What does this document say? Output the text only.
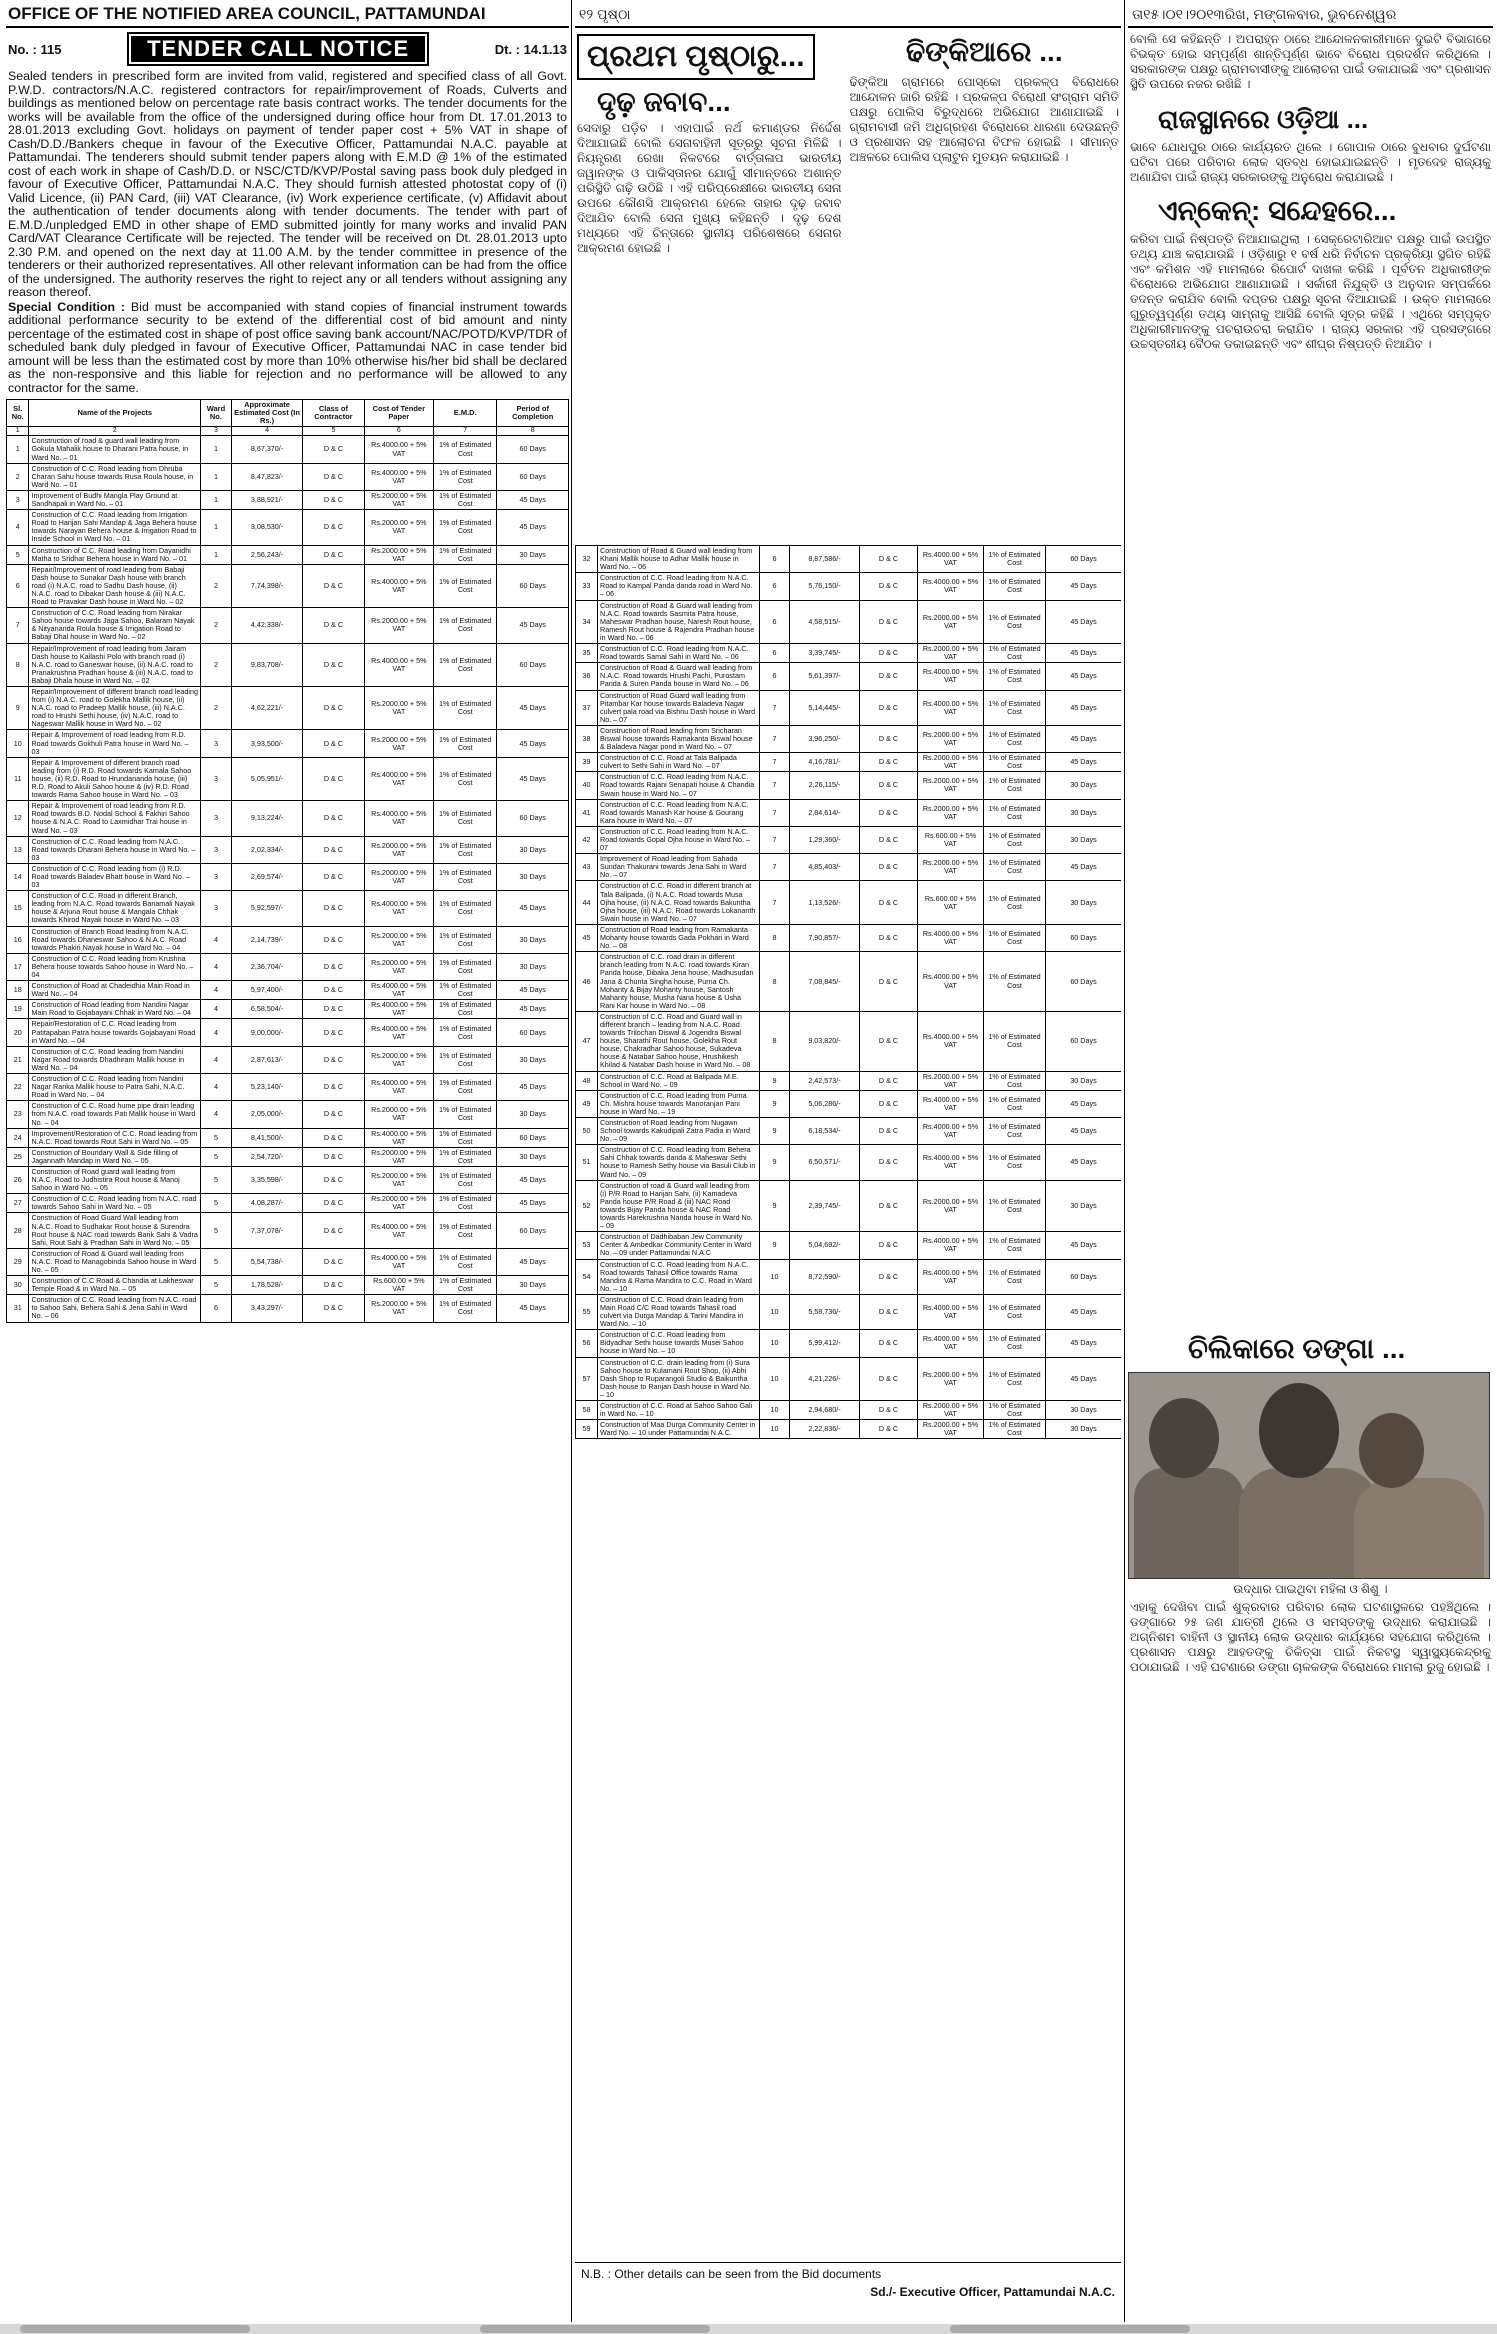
OFFICE OF THE NOTIFIED AREA COUNCIL, PATTAMUNDAI
No. : 115	TENDER CALL NOTICE	Dt. : 14.1.13
Sealed tenders in prescribed form are invited from valid, registered and specified class of all Govt. P.W.D. contractors/N.A.C. registered contractors for repair/improvement of Roads, Culverts and buildings as mentioned below on percentage rate basis contract works. The tender documents for the works will be available from the office of the undersigned during office hour from Dt. 17.01.2013 to 28.01.2013 excluding Govt. holidays on payment of tender paper cost + 5% VAT in shape of Cash/D.D./Bankers cheque in favour of the Executive Officer, Pattamundai N.A.C. payable at Pattamundai. The tenderers should submit tender papers along with E.M.D @ 1% of the estimated cost of each work in shape of Cash/D.D. or NSC/CTD/KVP/Postal saving pass book duly pledged in favour of Executive Officer, Pattamundai N.A.C. They should furnish attested photostat copy of (i) Valid Licence, (ii) PAN Card, (iii) VAT Clearance, (iv) Work experience certificate, (v) Affidavit about the authentication of tender documents along with tender documents. The tender with part of E.M.D./unpledged EMD in other shape of EMD submitted jointly for many works and invalid PAN Card/VAT Clearance Certificate will be rejected. The tender will be received on Dt. 28.01.2013 upto 2.30 P.M. and opened on the next day at 11.00 A.M. by the tender committee in presence of the tenderers or their authorized representatives. All other relevant information can be had from the office of the undersigned. The authority reserves the right to reject any or all tenders without assigning any reason thereof.
Special Condition : Bid must be accompanied with stand copies of financial instrument towards additional performance security to be extend of the differential cost of bid amount and ninty percentage of the estimated cost in shape of post office saving bank account/NAC/POTD/KVP/TDR of scheduled bank duly pledged in favour of Executive Officer, Pattamundai NAC in case tender bid amount will be less than the estimated cost by more than 10% otherwise his/her bid shall be declared as the non-responsive and this liable for rejection and no performance will be allowed to any contractor for the same.
Sl. No.	Name of the Projects	Ward No.	Approximate Estimated Cost (In Rs.)	Class of Contractor	Cost of Tender Paper	E.M.D.	Period of Completion
1	2	3	4	5	6	7	8
1	Construction of road & guard wall leading from Gokula Mahalik house to Dharani Patra house, in Ward No. – 01	1	8,67,370/-	D & C	Rs.4000.00 + 5% VAT	1% of Estimated Cost	60 Days
2	Construction of C.C. Road leading from Dhruba Charan Sahu house towards Rusa Roula house, in Ward No. – 01	1	8,47,823/-	D & C	Rs.4000.00 + 5% VAT	1% of Estimated Cost	60 Days
3	Improvement of Budhi Mangla Play Ground at Sandhapali in Ward No. – 01	1	3,88,921/-	D & C	Rs.2000.00 + 5% VAT	1% of Estimated Cost	45 Days
4	Construction of C.C. Road leading from Irrigation Road to Harijan Sahi Mandap & Jaga Behera house towards Narayan Behera house & Irrigation Road to Inside School in Ward No. – 01	1	3,08,530/-	D & C	Rs.2000.00 + 5% VAT	1% of Estimated Cost	45 Days
5	Construction of C.C. Road leading from Dayanidhi Matha to Sridhar Behera house in Ward No. – 01	1	2,56,243/-	D & C	Rs.2000.00 + 5% VAT	1% of Estimated Cost	30 Days
6	Repair/Improvement of road leading from Babaji Dash house to Sunakar Dash house with branch road (i) N.A.C. road to Sadhu Dash house, (ii) N.A.C. road to Dibakar Dash house & (iii) N.A.C. Road to Pravakar Dash house in Ward No. – 02	2	7,74,398/-	D & C	Rs.4000.00 + 5% VAT	1% of Estimated Cost	60 Days
7	Construction of C.C. Road leading from Nirakar Sahoo house towards Jaga Sahoo, Balaram Nayak & Nityananda Roula house & Irrigation Road to Babaji Dhal house in Ward No. – 02	2	4,42,338/-	D & C	Rs.2000.00 + 5% VAT	1% of Estimated Cost	45 Days
8	Repair/Improvement of road leading from Jairam Dash house to Kailashi Polo with branch road (i) N.A.C. road to Ganeswar house, (ii) N.A.C. road to Pranakrushna Pradhan house & (iii) N.A.C. road to Babaji Dhala house in Ward No. – 02	2	9,83,708/-	D & C	Rs.4000.00 + 5% VAT	1% of Estimated Cost	60 Days
9	Repair/Improvement of different branch road leading from (i) N.A.C. road to Golekha Mallik house, (ii) N.A.C. road to Pradeep Mallik house, (iii) N.A.C. road to Hrushi Sethi house, (iv) N.A.C. road to Nageswar Mallik house in Ward No. – 02	2	4,62,221/-	D & C	Rs.2000.00 + 5% VAT	1% of Estimated Cost	45 Days
10	Repair & Improvement of road leading from R.D. Road towards Gokhuli Patra house in Ward No. – 03	3	3,93,500/-	D & C	Rs.2000.00 + 5% VAT	1% of Estimated Cost	45 Days
11	Repair & Improvement of different branch road leading from (i) R.D. Road towards Kamala Sahoo house, (ii) R.D. Road to Hrundananda house, (iii) R.D. Road to Akuli Sahoo house & (iv) R.D. Road towards Rama Sahoo house in Ward No. – 03	3	5,05,951/-	D & C	Rs.4000.00 + 5% VAT	1% of Estimated Cost	45 Days
12	Repair & Improvement of road leading from R.D. Road towards B.D. Nodal School & Fakhiri Sahoo house & N.A.C. Road to Laxmidhar Trai house in Ward No. – 03	3	9,13,224/-	D & C	Rs.4000.00 + 5% VAT	1% of Estimated Cost	60 Days
13	Construction of C.C. Road leading from N.A.C. Road towards Dharani Behera house in Ward No. – 03	3	2,02,334/-	D & C	Rs.2000.00 + 5% VAT	1% of Estimated Cost	30 Days
14	Construction of C.C. Road leading from (i) R.D. Road towards Baladev Bhatt house in Ward No. – 03	3	2,69,574/-	D & C	Rs.2000.00 + 5% VAT	1% of Estimated Cost	30 Days
15	Construction of C.C. Road in different Branch, leading from N.A.C. Road towards Banamali Nayak house & Arjuna Rout house & Mangala Chhak towards Khirod Nayak house in Ward No. – 03	3	5,92,597/-	D & C	Rs.4000.00 + 5% VAT	1% of Estimated Cost	45 Days
16	Construction of Branch Road leading from N.A.C. Road towards Dhaneswar Sahoo & N.A.C. Road towards Phakiri Nayak house in Ward No. – 04	4	2,14,739/-	D & C	Rs.2000.00 + 5% VAT	1% of Estimated Cost	30 Days
17	Construction of C.C. Road leading from Krushna Behera house towards Sahoo house in Ward No. – 04	4	2,36,704/-	D & C	Rs.2000.00 + 5% VAT	1% of Estimated Cost	30 Days
18	Construction of Road at Chadeidhia Main Road in Ward No. – 04	4	5,97,400/-	D & C	Rs.4000.00 + 5% VAT	1% of Estimated Cost	45 Days
19	Construction of Road leading from Nandini Nagar Main Road to Gojabayani Chhak in Ward No. – 04	4	6,58,504/-	D & C	Rs.4000.00 + 5% VAT	1% of Estimated Cost	45 Days
20	Repair/Restoration of C.C. Road leading from Patitapaban Patra house towards Gojabayani Road in Ward No. – 04	4	9,00,000/-	D & C	Rs.4000.00 + 5% VAT	1% of Estimated Cost	60 Days
21	Construction of C.C. Road leading from Nandini Nagar Road towards Dhadhiram Mallik house in Ward No. – 04	4	2,87,613/-	D & C	Rs.2000.00 + 5% VAT	1% of Estimated Cost	30 Days
22	Construction of C.C. Road leading from Nandini Nagar Ranka Mallik house to Patra Sahi, N.A.C. Road in Ward No. – 04	4	5,23,140/-	D & C	Rs.4000.00 + 5% VAT	1% of Estimated Cost	45 Days
23	Construction of C.C. Road hume pipe drain leading from N.A.C. road towards Pati Mallik house in Ward No. – 04	4	2,05,000/-	D & C	Rs.2000.00 + 5% VAT	1% of Estimated Cost	30 Days
24	Improvement/Restoration of C.C. Road leading from N.A.C. Road towards Rout Sahi in Ward No. – 05	5	8,41,500/-	D & C	Rs.4000.00 + 5% VAT	1% of Estimated Cost	60 Days
25	Construction of Boundary Wall & Side filling of Jagannath Mandap in Ward No. – 05	5	2,54,720/-	D & C	Rs.2000.00 + 5% VAT	1% of Estimated Cost	30 Days
26	Construction of Road guard wall leading from N.A.C. Road to Judhistira Rout house & Manoj Sahoo in Ward No. – 05	5	3,35,598/-	D & C	Rs.2000.00 + 5% VAT	1% of Estimated Cost	45 Days
27	Construction of C.C. Road leading from N.A.C. road towards Sahoo Sahi in Ward No. – 05	5	4,08,287/-	D & C	Rs.2000.00 + 5% VAT	1% of Estimated Cost	45 Days
28	Construction of Road Guard Wall leading from N.A.C. Road to Sudhakar Rout house & Surendra Rout house & NAC road towards Barik Sahi & Vadra Sahi, Rout Sahi & Pradhan Sahi in Ward No. – 05	5	7,37,078/-	D & C	Rs.4000.00 + 5% VAT	1% of Estimated Cost	60 Days
29	Construction of Road & Guard wall leading from N.A.C. Road to Managobinda Sahoo house in Ward No. – 05	5	5,54,738/-	D & C	Rs.4000.00 + 5% VAT	1% of Estimated Cost	45 Days
30	Construction of C.C Road & Chandia at Lakheswar Temple Road & in Ward No. – 05	5	1,78,528/-	D & C	Rs.600.00 + 5% VAT	1% of Estimated Cost	30 Days
31	Construction of C.C. Road leading from N.A.C. road to Sahoo Sahi, Behera Sahi & Jena Sahi in Ward No. – 06	6	3,43,297/-	D & C	Rs.2000.00 + 5% VAT	1% of Estimated Cost	45 Days
୧୨ ପୃଷ୍ଠା
ପ୍ରଥମ ପୃଷ୍ଠାରୁ...
ଦୃଢ଼ ଜବାବ...
ସେଦାରୁ ପଡ଼ିବ । ଏହାପାଇଁ ନର୍ଥ କମାଣ୍ଡର ନିର୍ଦ୍ଦେଶ ଦିଆଯାଇଛି ବୋଲି ସେନାବାହିନୀ ସୂତ୍ରରୁ ସୂଚନା ମିଳିଛି । ନିୟନ୍ତ୍ରଣ ରେଖା ନିକଟରେ ବାର୍ତ୍ତାଳାପ ଭାରତୀୟ ଜୱାନଙ୍କ ଓ ପାକିସ୍ତାନର ଯୋଗୁଁ ସୀମାନ୍ତରେ ଅଶାନ୍ତ ପରିସ୍ଥିତି ଗଢ଼ି ଉଠିଛି । ଏହି ପରିପ୍ରେକ୍ଷୀରେ ଭାରତୀୟ ସେନା ଉପରେ କୌଣସି ଆକ୍ରମଣ ହେଲେ ତାହାର ଦୃଢ଼ ଜବାବ ଦିଆଯିବ ବୋଲି ସେନା ମୁଖ୍ୟ କହିଛନ୍ତି । ଦୃଢ଼ ଦେଶ ମଧ୍ୟରେ ଏହି ଚିନ୍ତାରେ ସ୍ଥାନୀୟ ପରିଶେଷରେ ସେନାର ଆକ୍ରମଣ ହୋଇଛି ।
ଢିଙ୍କିଆରେ ...
ଢିଙ୍କିଆ ଗ୍ରାମରେ ପୋସ୍କୋ ପ୍ରକଳ୍ପ ବିରୋଧରେ ଆନ୍ଦୋଳନ ଜାରି ରହିଛି । ପ୍ରକଳ୍ପ ବିରୋଧୀ ସଂଗ୍ରାମ ସମିତି ପକ୍ଷରୁ ପୋଲିସ ବିରୁଦ୍ଧରେ ଅଭିଯୋଗ ଆଣାଯାଇଛି । ଗ୍ରାମବାସୀ ଜମି ଅଧିଗ୍ରହଣ ବିରୋଧରେ ଧାରଣା ଦେଉଛନ୍ତି ଓ ପ୍ରଶାସନ ସହ ଆଲୋଚନା ବିଫଳ ହୋଇଛି । ସୀମାନ୍ତ ଅଞ୍ଚଳରେ ପୋଲିସ ପ୍ଲାଟୁନ ମୁତୟନ କରାଯାଇଛି ।
32	Construction of Road & Guard wall leading from Khani Mallik house to Adhar Mallik house in Ward No. – 06	6	8,87,586/-	D & C	Rs.4000.00 + 5% VAT	1% of Estimated Cost	60 Days
33	Construction of C.C. Road leading from N.A.C. Road to Kampal Panda danda road in Ward No. – 06	6	5,76,150/-	D & C	Rs.4000.00 + 5% VAT	1% of Estimated Cost	45 Days
34	Construction of Road & Guard wall leading from N.A.C. Road towards Sasmita Patra house, Maheswar Pradhan house, Naresh Rout house, Ramesh Rout house & Rajendra Pradhan house in Ward No. – 06	6	4,58,515/-	D & C	Rs.2000.00 + 5% VAT	1% of Estimated Cost	45 Days
35	Construction of C.C. Road leading from N.A.C. Road towards Samal Sahi in Ward No. – 06	6	3,39,745/-	D & C	Rs.2000.00 + 5% VAT	1% of Estimated Cost	45 Days
36	Construction of Road & Guard wall leading from N.A.C. Road towards Hrushi Pachi, Purostam Panda & Suren Panda house in Ward No. – 06	6	5,61,397/-	D & C	Rs.4000.00 + 5% VAT	1% of Estimated Cost	45 Days
37	Construction of Road Guard wall leading from Pitambar Kar house towards Baladeva Nagar culvert pala road via Bishnu Dash house in Ward No. – 07	7	5,14,445/-	D & C	Rs.4000.00 + 5% VAT	1% of Estimated Cost	45 Days
38	Construction of Road leading from Sricharan Biswal house towards Ramakanta Biswal house & Baladeva Nagar pond in Ward No. – 07	7	3,96,250/-	D & C	Rs.2000.00 + 5% VAT	1% of Estimated Cost	45 Days
39	Construction of C.C. Road at Tala Balipada culvert to Sethi Sahi in Ward No. – 07	7	4,16,781/-	D & C	Rs.2000.00 + 5% VAT	1% of Estimated Cost	45 Days
40	Construction of C.C. Road leading from N.A.C. Road towards Rajani Senapati house & Chandia Swain house in Ward No. – 07	7	2,26,115/-	D & C	Rs.2000.00 + 5% VAT	1% of Estimated Cost	30 Days
41	Construction of C.C. Road leading from N.A.C. Road towards Manash Kar house & Gourang Kara house in Ward No. – 07	7	2,84,614/-	D & C	Rs.2000.00 + 5% VAT	1% of Estimated Cost	30 Days
42	Construction of C.C. Road leading from N.A.C. Road towards Gopal Ojha house in Ward No. – 07	7	1,29,360/-	D & C	Rs.600.00 + 5% VAT	1% of Estimated Cost	30 Days
43	Improvement of Road leading from Sahada Sundari Thakurani towards Jena Sahi in Ward No. – 07	7	4,85,403/-	D & C	Rs.2000.00 + 5% VAT	1% of Estimated Cost	45 Days
44	Construction of C.C. Road in different branch at Tala Balipada, (i) N.A.C. Road towards Musa Ojha house, (ii) N.A.C. Road towards Bakuntha Ojha house, (iii) N.A.C. Road towards Lokananth Swain house in Ward No. – 07	7	1,13,526/-	D & C	Rs.600.00 + 5% VAT	1% of Estimated Cost	30 Days
45	Construction of Road leading from Ramakanta Mohanty house towards Gada Pokhari in Ward No. – 08	8	7,90,857/-	D & C	Rs.4000.00 + 5% VAT	1% of Estimated Cost	60 Days
46	Construction of C.C. road drain in different branch leading from N.A.C. road towards Kiran Panda house, Dibaka Jena house, Madhusudan Jana & Chunta Singha house, Purna Ch. Mohanty & Bijay Mohanty house, Santosh Mahanty house, Musha Nana house & Usha Rani Kar house in Ward No. – 08	8	7,08,845/-	D & C	Rs.4000.00 + 5% VAT	1% of Estimated Cost	60 Days
47	Construction of C.C. Road and Guard wall in different branch – leading from N.A.C. Road towards Trilochan Diswal & Jogendra Biswal house, Sharathi Rout house, Golekha Rout house, Chakradhar Sahoo house, Sukadeva house & Natabar Sahoo house, Hrushikesh Khilad & Natabar Dash house in Ward No. – 08	8	9,03,820/-	D & C	Rs.4000.00 + 5% VAT	1% of Estimated Cost	60 Days
48	Construction of C.C. Road at Balipada M.E. School in Ward No. – 09	9	2,42,573/-	D & C	Rs.2000.00 + 5% VAT	1% of Estimated Cost	30 Days
49	Construction of C.C. Road leading from Purna Ch. Mishra house towards Manoranjan Pani house in Ward No. – 19	9	5,06,286/-	D & C	Rs.4000.00 + 5% VAT	1% of Estimated Cost	45 Days
50	Construction of Road leading from Nugawn School towards Kakudipali Zatra Padia in Ward No. – 09	9	6,18,534/-	D & C	Rs.4000.00 + 5% VAT	1% of Estimated Cost	45 Days
51	Construction of C.C. Road leading from Behera Sahi Chhak towards danda & Maheswar Sethi house to Ramesh Sethy house via Basuli Club in Ward No. – 09	9	6,50,571/-	D & C	Rs.4000.00 + 5% VAT	1% of Estimated Cost	45 Days
52	Construction of road & Guard wall leading from (i) P/R Road to Harijan Sahi, (ii) Kamadeva Panda house P/R Road & (iii) NAC Road towards Bijay Panda house & NAC Road towards Harekrushna Nanda house in Ward No. – 09	9	2,39,745/-	D & C	Rs.2000.00 + 5% VAT	1% of Estimated Cost	30 Days
53	Construction of Dadhibaban Jew Community Center & Ambedkar Community Center in Ward No. – 09 under Pattamundai N.A.C	9	5,04,692/-	D & C	Rs.4000.00 + 5% VAT	1% of Estimated Cost	45 Days
54	Construction of C.C. Road leading from N.A.C. Road towards Tahasil Office towards Rama Mandira & Rama Mandira to C.C. Road in Ward No. – 10	10	8,72,590/-	D & C	Rs.4000.00 + 5% VAT	1% of Estimated Cost	60 Days
55	Construction of C.C. Road drain leading from Main Road C/C Road towards Tahasil road culvert via Durga Mandap & Tarini Mandira in Ward No. – 10	10	5,58,736/-	D & C	Rs.4000.00 + 5% VAT	1% of Estimated Cost	45 Days
56	Construction of C.C. Road leading from Bidyadhar Sethi house towards Musei Sahoo house in Ward No. – 10	10	5,99,412/-	D & C	Rs.4000.00 + 5% VAT	1% of Estimated Cost	45 Days
57	Construction of C.C. drain leading from (i) Sura Sahoo house to Kulamani Rout Shop, (ii) Abhi Dash Shop to Ruparangoli Studio & Baikuntha Dash house to Ranjan Dash house in Ward No. – 10	10	4,21,226/-	D & C	Rs.2000.00 + 5% VAT	1% of Estimated Cost	45 Days
58	Construction of C.C. Road at Sahoo Sahoo Gali in Ward No. – 10	10	2,94,680/-	D & C	Rs.2000.00 + 5% VAT	1% of Estimated Cost	30 Days
59	Construction of Maa Durga Community Center in Ward No. – 10 under Pattamundai N.A.C.	10	2,22,836/-	D & C	Rs.2000.00 + 5% VAT	1% of Estimated Cost	30 Days
N.B. : Other details can be seen from the Bid documents
Sd./- Executive Officer, Pattamundai N.A.C.
ତା୧୫।୦୧।୨୦୧୩ରିଖ, ମଙ୍ଗଳବାର, ଭୁବନେଶ୍ୱର
ବୋଲି ସେ କହିଛନ୍ତି । ଅପରାହ୍ନ ଠାରେ ଆନ୍ଦୋଳନକାରୀମାନେ ଦୁଇଟି ବିଭାଗରେ ବିଭକ୍ତ ହୋଇ ସମ୍ପୂର୍ଣ୍ଣ ଶାନ୍ତିପୂର୍ଣ୍ଣ ଭାବେ ବିରୋଧ ପ୍ରଦର୍ଶନ କରିଥିଲେ । ସରକାରଙ୍କ ପକ୍ଷରୁ ଗ୍ରାମବାସୀଙ୍କୁ ଆଲୋଚନା ପାଇଁ ଡକାଯାଇଛି ଏବଂ ପ୍ରଶାସନ ସ୍ଥିତି ଉପରେ ନଜର ରଖିଛି ।
ରାଜସ୍ଥାନରେ ଓଡ଼ିଆ ...
ଭାବେ ଯୋଧପୁର ଠାରେ କାର୍ଯ୍ୟରତ ଥିଲେ । ଗୋପାଳ ଠାରେ ବୁଧବାର ଦୁର୍ଘଟଣା ଘଟିବା ପରେ ପରିବାର ଲୋକ ସ୍ତବ୍ଧ ହୋଇଯାଇଛନ୍ତି । ମୃତଦେହ ରାଜ୍ୟକୁ ଅଣାଯିବା ପାଇଁ ରାଜ୍ୟ ସରକାରଙ୍କୁ ଅନୁରୋଧ କରାଯାଇଛି ।
ଏନ୍‌କେନ୍: ସନ୍ଦେହରେ...
କରିବା ପାଇଁ ନିଷ୍ପତ୍ତି ନିଆଯାଇଥିଲା । ସେକ୍ରେଟାରିଆଟ ପକ୍ଷରୁ ପାଇଁ ଉପସ୍ଥିତ ତଥ୍ୟ ଯାଞ୍ଚ କରାଯାଉଛି । ଓଡ଼ିଶାରୁ ୧ ବର୍ଷ ଧରି ନିର୍ବାଚନ ପ୍ରକ୍ରିୟା ସ୍ଥଗିତ ରହିଛି ଏବଂ କମିଶନ ଏହି ମାମଲାରେ ରିପୋର୍ଟ ଦାଖଲ କରିଛି । ପୂର୍ବତନ ଅଧିକାରୀଙ୍କ ବିରୋଧରେ ଅଭିଯୋଗ ଆଣାଯାଇଛି । ସର୍କାରୀ ନିଯୁକ୍ତି ଓ ଅନୁଦାନ ସମ୍ପର୍କରେ ତଦନ୍ତ କରାଯିବ ବୋଲି ଦପ୍ତର ପକ୍ଷରୁ ସୂଚନା ଦିଆଯାଇଛି । ଉକ୍ତ ମାମଲାରେ ଗୁରୁତ୍ୱପୂର୍ଣ୍ଣ ତଥ୍ୟ ସାମ୍ନାକୁ ଆସିଛି ବୋଲି ସୂତ୍ର କହିଛି । ଏଥିରେ ସମ୍ପୃକ୍ତ ଅଧିକାରୀମାନଙ୍କୁ ପଚରାଉଚରା କରାଯିବ । ରାଜ୍ୟ ସରକାର ଏହି ପ୍ରସଙ୍ଗରେ ଉଚ୍ଚସ୍ତରୀୟ ବୈଠକ ଡକାଇଛନ୍ତି ଏବଂ ଶୀଘ୍ର ନିଷ୍ପତ୍ତି ନିଆଯିବ ।
ଚିଲିକାରେ ଡଙ୍ଗା ...
ଉଦ୍ଧାର ପାଇଥିବା ମହିଳା ଓ ଶିଶୁ ।
ଏହାକୁ ଦେଖିବା ପାଇଁ ଶୁକ୍ରବାର ପରିବାର ଲୋକ ଘଟଣାସ୍ଥଳରେ ପହଞ୍ଚିଥିଲେ । ଡଙ୍ଗାରେ ୨୫ ଜଣ ଯାତ୍ରୀ ଥିଲେ ଓ ସମସ୍ତଙ୍କୁ ଉଦ୍ଧାର କରାଯାଇଛି । ଅଗ୍ନିଶମ ବାହିନୀ ଓ ସ୍ଥାନୀୟ ଲୋକ ଉଦ୍ଧାର କାର୍ଯ୍ୟରେ ସହଯୋଗ କରିଥିଲେ । ପ୍ରଶାସନ ପକ୍ଷରୁ ଆହତଙ୍କୁ ଚିକିତ୍ସା ପାଇଁ ନିକଟସ୍ଥ ସ୍ୱାସ୍ଥ୍ୟକେନ୍ଦ୍ରକୁ ପଠାଯାଇଛି । ଏହି ଘଟଣାରେ ଡଙ୍ଗା ଚାଳକଙ୍କ ବିରୋଧରେ ମାମଲା ରୁଜୁ ହୋଇଛି ।
